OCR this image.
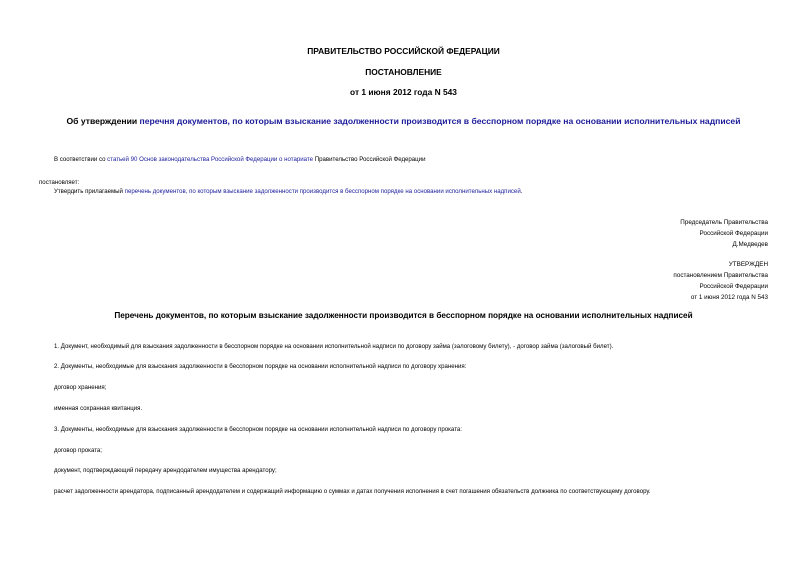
ПРАВИТЕЛЬСТВО РОССИЙСКОЙ ФЕДЕРАЦИИ
ПОСТАНОВЛЕНИЕ
от 1 июня 2012 года N 543
Об утверждении перечня документов, по которым взыскание задолженности производится в бесспорном порядке на основании исполнительных надписей
В соответствии со статьей 90 Основ законодательства Российской Федерации о нотариате Правительство Российской Федерации
постановляет:
Утвердить прилагаемый перечень документов, по которым взыскание задолженности производится в бесспорном порядке на основании исполнительных надписей.
Председатель Правительства
Российской Федерации
Д.Медведев
УТВЕРЖДЕН
постановлением Правительства
Российской Федерации
от 1 июня 2012 года N 543
Перечень документов, по которым взыскание задолженности производится в бесспорном порядке на основании исполнительных надписей
1. Документ, необходимый для взыскания задолженности в бесспорном порядке на основании исполнительной надписи по договору займа (залоговому билету), - договор займа (залоговый билет).
2. Документы, необходимые для взыскания задолженности в бесспорном порядке на основании исполнительной надписи по договору хранения:
договор хранения;
именная сохранная квитанция.
3. Документы, необходимые для взыскания задолженности в бесспорном порядке на основании исполнительной надписи по договору проката:
договор проката;
документ, подтверждающий передачу арендодателем имущества арендатору;
расчет задолженности арендатора, подписанный арендодателем и содержащий информацию о суммах и датах получения исполнения в счет погашения обязательств должника по соответствующему договору.
